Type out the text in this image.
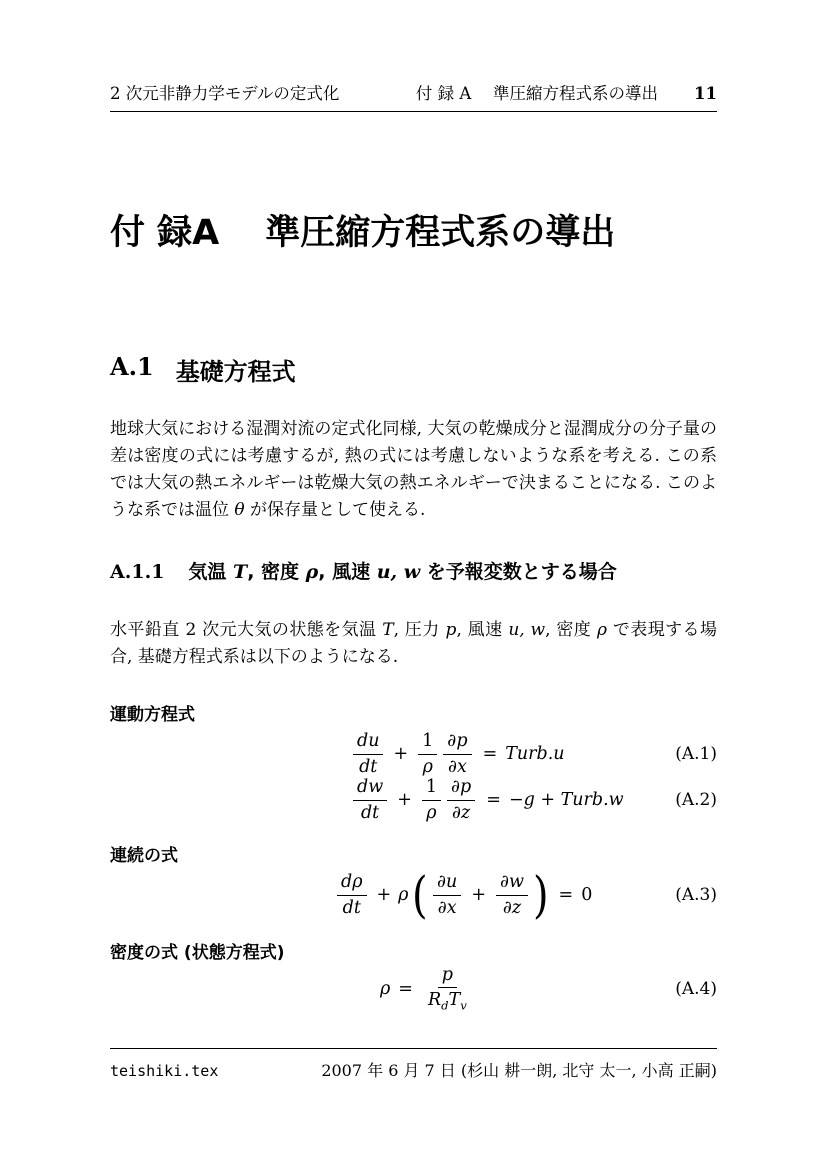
2 次元非静力学モデルの定式化	付 録 A　 準圧縮方程式系の導出 11
付 録A 準圧縮方程式系の導出
A.1 基礎方程式
地球大気における湿潤対流の定式化同様, 大気の乾燥成分と湿潤成分の分子量の差は密度の式には考慮するが, 熱の式には考慮しないような系を考える. この系では大気の熱エネルギーは乾燥大気の熱エネルギーで決まることになる. このような系では温位 θ が保存量として使える.
A.1.1 気温 T, 密度 ρ, 風速 u, w を予報変数とする場合
水平鉛直 2 次元大気の状態を気温 T, 圧力 p, 風速 u, w, 密度 ρ で表現する場合, 基礎方程式系は以下のようになる.
運動方程式
$\frac{du}{dt} + \frac{1}{\rho} \frac{\partial p}{\partial x}$ = Turb.u	(A.1)
$\frac{dw}{dt} + \frac{1}{\rho} \frac{\partial p}{\partial z} = -g$ + Turb.w	(A.2)
連続の式
$\frac{d\rho}{dt} + \rho$ ( $\frac{\partial u}{\partial x} + \frac{\partial w}{\partial z}$ ) = 0	(A.3)
密度の式 (状態方程式)
$\rho = \frac{p}{R_dT_v}$	(A.4)
teishiki.tex	2007 年 6 月 7 日 (杉山 耕一朗, 北守 太一, 小高 正嗣)
